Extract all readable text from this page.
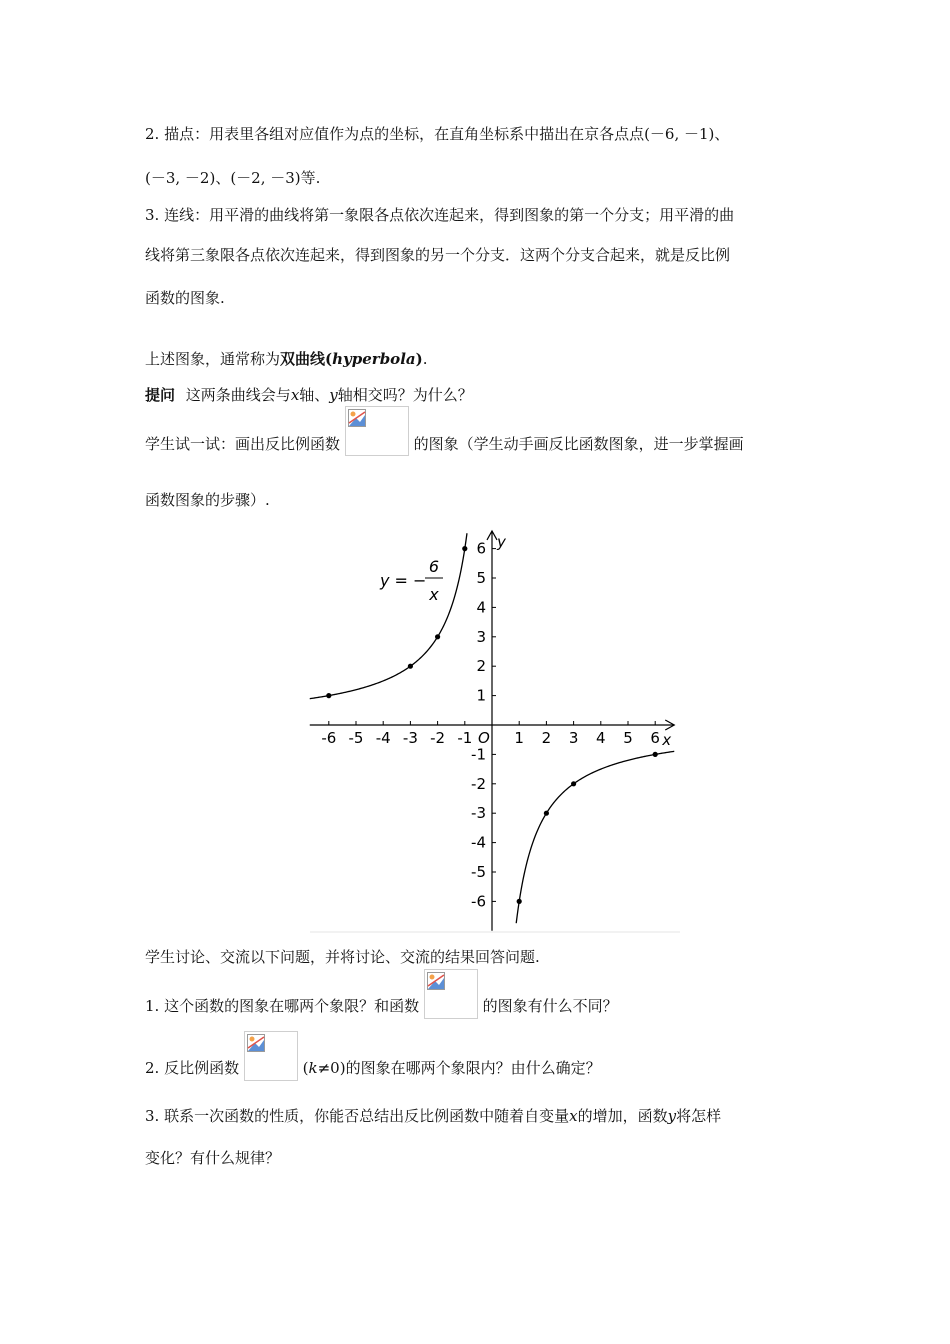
2. 描点：用表里各组对应值作为点的坐标，在直角坐标系中描出在京各点点(－6, －1)、
(－3, －2)、(－2, －3)等.
3. 连线：用平滑的曲线将第一象限各点依次连起来，得到图象的第一个分支；用平滑的曲
线将第三象限各点依次连起来，得到图象的另一个分支．这两个分支合起来，就是反比例
函数的图象.
上述图象，通常称为双曲线(hyperbola).
提问 这两条曲线会与x轴、y轴相交吗？为什么？
学生试一试：画出反比例函数	的图象（学生动手画反比函数图象，进一步掌握画
函数图象的步骤）.
-6 -5 -4 -3 -2 -1	1 2 3 4 5 6
-6
-5
-4
-3
-2
-1
1
2
3
4
5
6
x
y
O
y = −
6
x
学生讨论、交流以下问题，并将讨论、交流的结果回答问题.
1. 这个函数的图象在哪两个象限？和函数	的图象有什么不同？
2. 反比例函数	(k≠0)的图象在哪两个象限内？由什么确定？
3. 联系一次函数的性质，你能否总结出反比例函数中随着自变量x的增加，函数y将怎样
变化？有什么规律？
